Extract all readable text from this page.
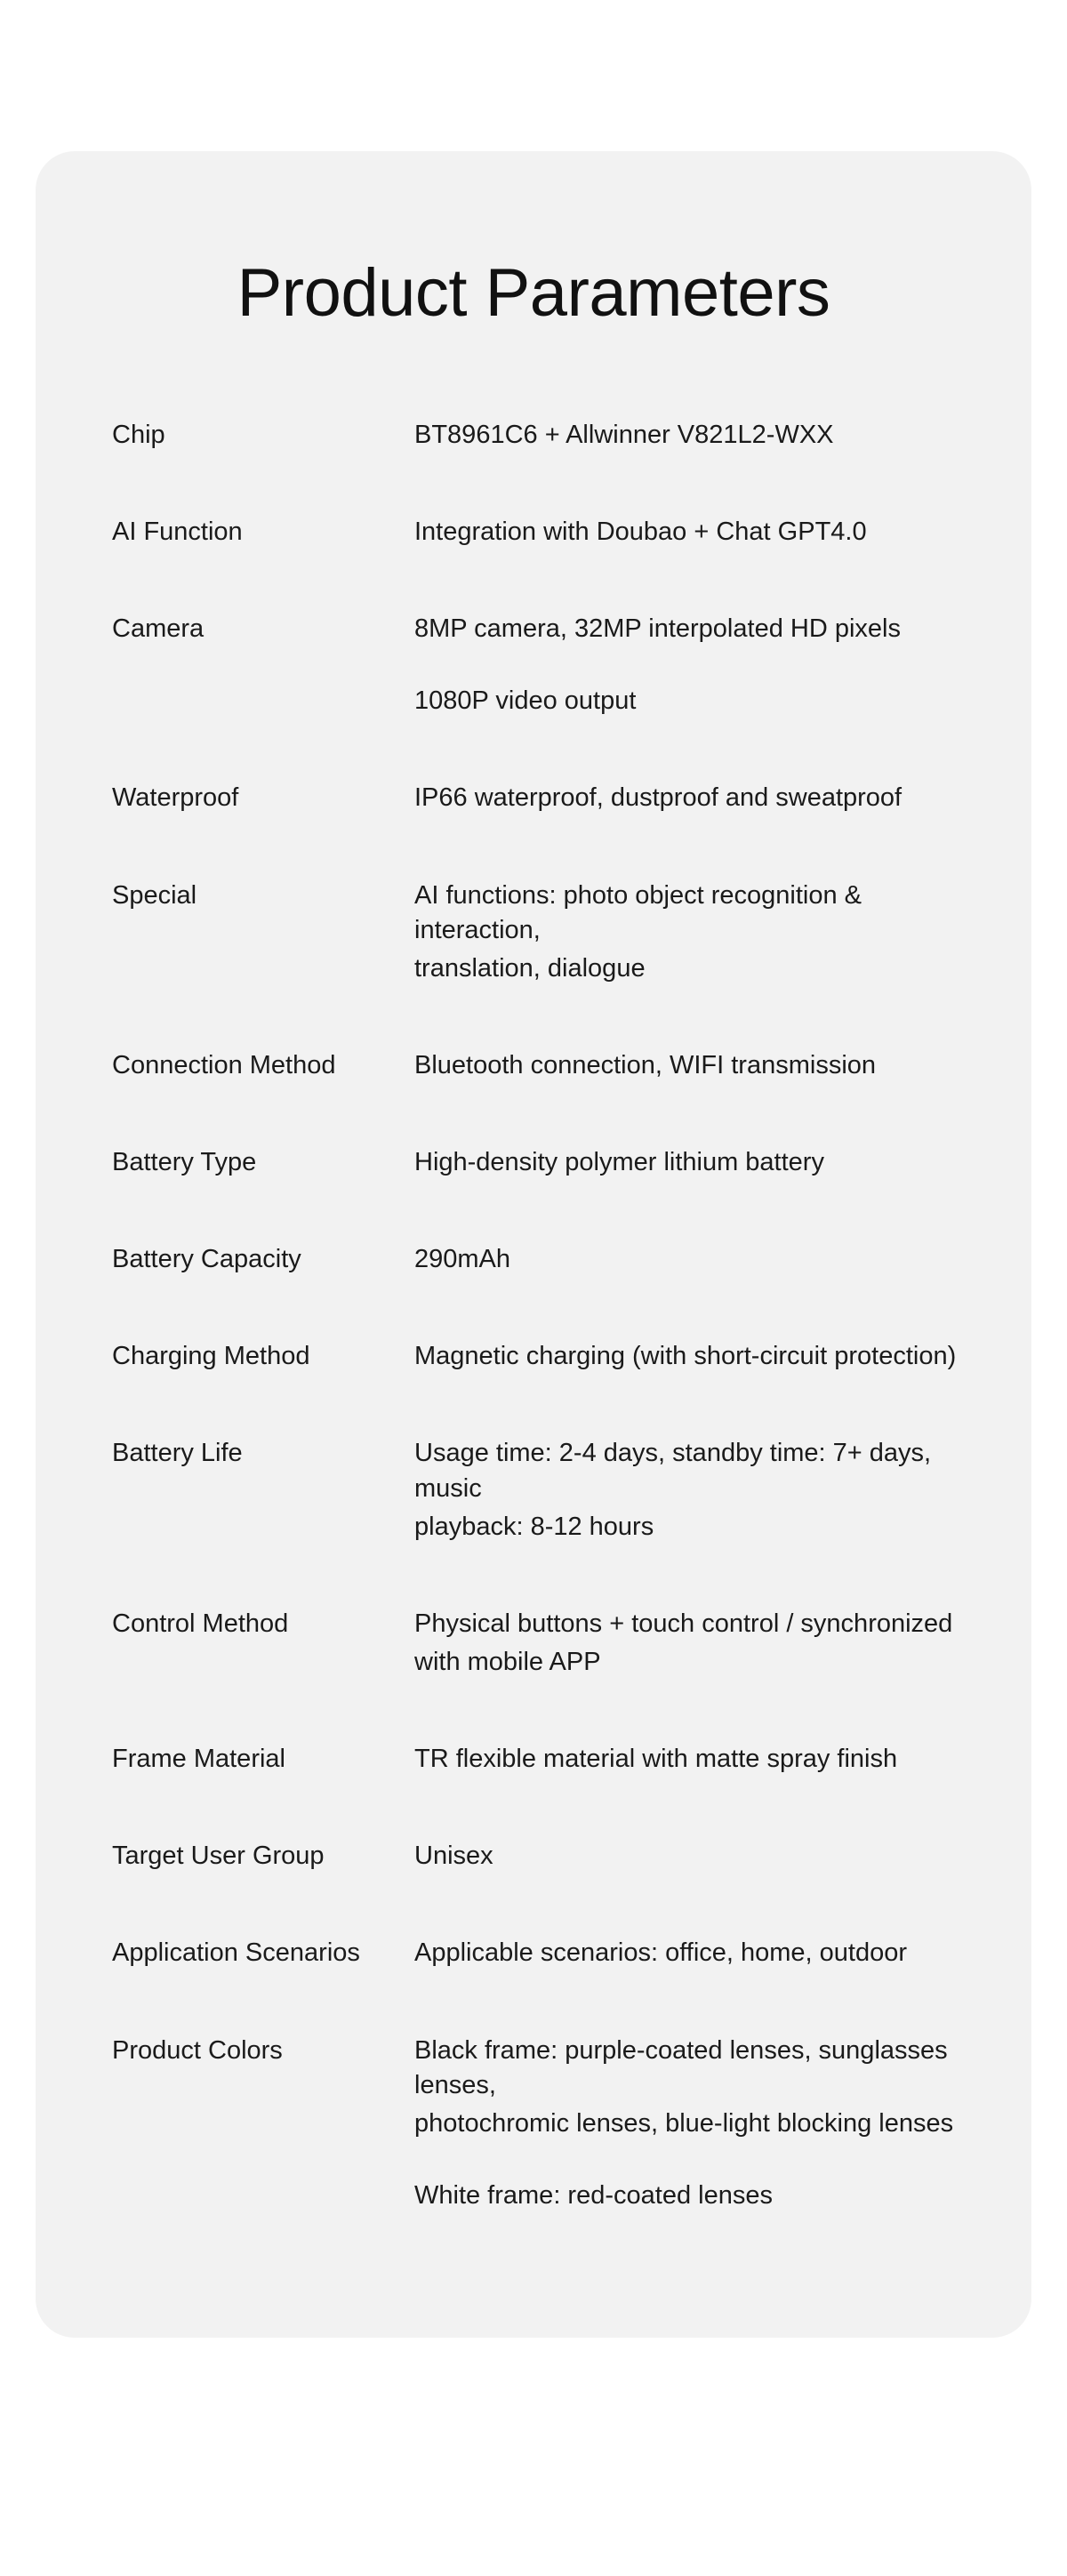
Product Parameters
Chip	BT8961C6 + Allwinner V821L2-WXX

AI Function	Integration with Doubao + Chat GPT4.0

Camera	8MP camera, 32MP interpolated HD pixels
1080P video output

Waterproof	IP66 waterproof, dustproof and sweatproof

Special	AI functions: photo object recognition & interaction,
translation, dialogue

Connection Method	Bluetooth connection, WIFI transmission

Battery Type	High-density polymer lithium battery

Battery Capacity	290mAh

Charging Method	Magnetic charging (with short-circuit protection)

Battery Life	Usage time: 2-4 days, standby time: 7+ days, music
playback: 8-12 hours

Control Method	Physical buttons + touch control / synchronized
with mobile APP

Frame Material	TR flexible material with matte spray finish

Target User Group	Unisex

Application Scenarios	Applicable scenarios: office, home, outdoor

Product Colors	Black frame: purple-coated lenses, sunglasses lenses,
photochromic lenses, blue-light blocking lenses
White frame: red-coated lenses
